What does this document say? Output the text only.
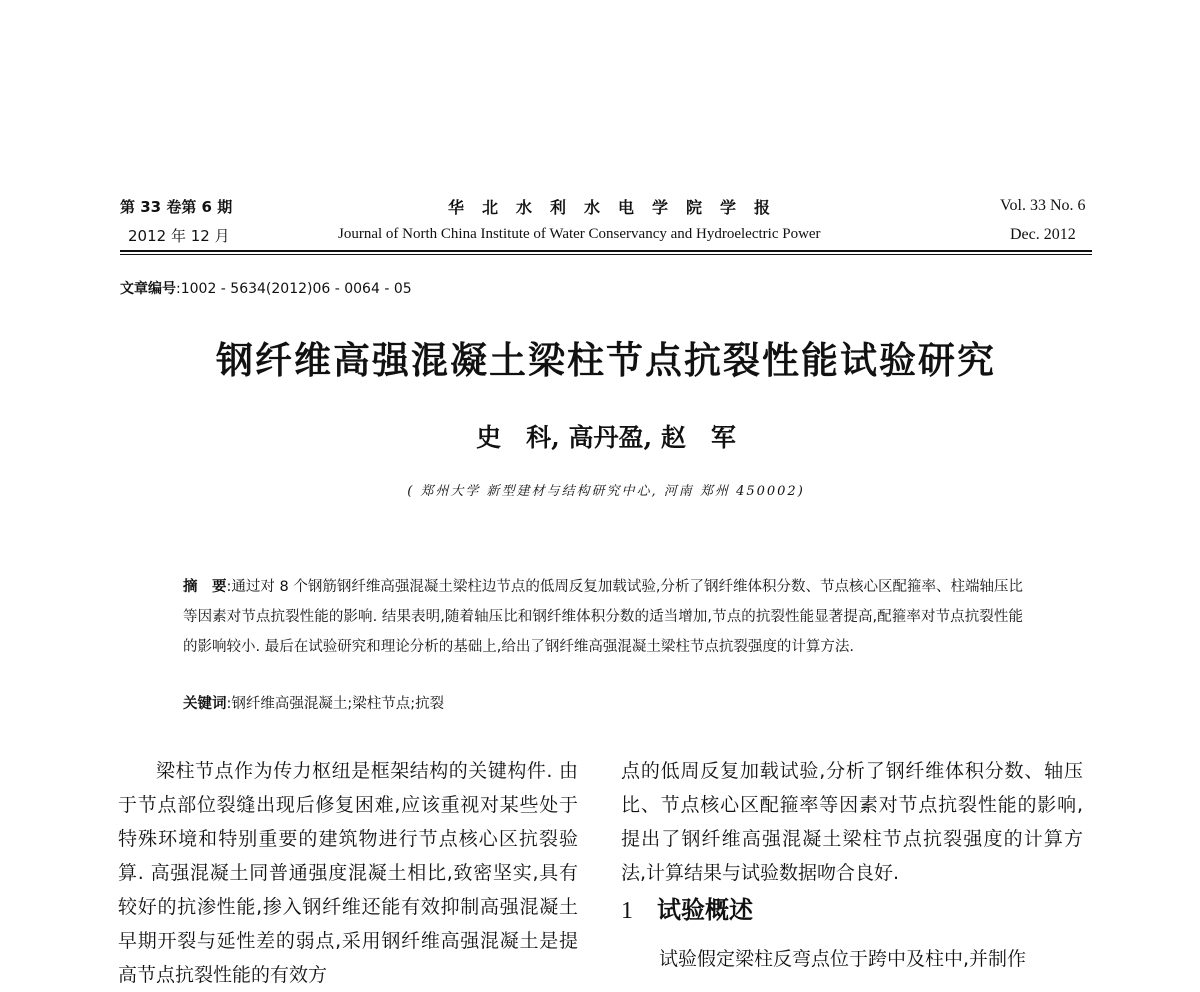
第 33 卷第 6 期	华北水利水电学院学报	Vol. 33 No. 6
2012 年 12 月	Journal of North China Institute of Water Conservancy and Hydroelectric Power	Dec. 2012
文章编号:1002 - 5634(2012)06 - 0064 - 05
钢纤维高强混凝土梁柱节点抗裂性能试验研究
史　科, 高丹盈, 赵　军
( 郑州大学 新型建材与结构研究中心, 河南 郑州 450002)
摘　要:通过对 8 个钢筋钢纤维高强混凝土梁柱边节点的低周反复加载试验,分析了钢纤维体积分数、节点核心区配箍率、柱端轴压比等因素对节点抗裂性能的影响. 结果表明,随着轴压比和钢纤维体积分数的适当增加,节点的抗裂性能显著提高,配箍率对节点抗裂性能的影响较小. 最后在试验研究和理论分析的基础上,给出了钢纤维高强混凝土梁柱节点抗裂强度的计算方法.
关键词:钢纤维高强混凝土;梁柱节点;抗裂
梁柱节点作为传力枢纽是框架结构的关键构件. 由于节点部位裂缝出现后修复困难,应该重视对某些处于特殊环境和特别重要的建筑物进行节点核心区抗裂验算. 高强混凝土同普通强度混凝土相比,致密坚实,具有较好的抗渗性能,掺入钢纤维还能有效抑制高强混凝土早期开裂与延性差的弱点,采用钢纤维高强混凝土是提高节点抗裂性能的有效方
点的低周反复加载试验,分析了钢纤维体积分数、轴压比、节点核心区配箍率等因素对节点抗裂性能的影响,提出了钢纤维高强混凝土梁柱节点抗裂强度的计算方法,计算结果与试验数据吻合良好.
1 试验概述
试验假定梁柱反弯点位于跨中及柱中,并制作
